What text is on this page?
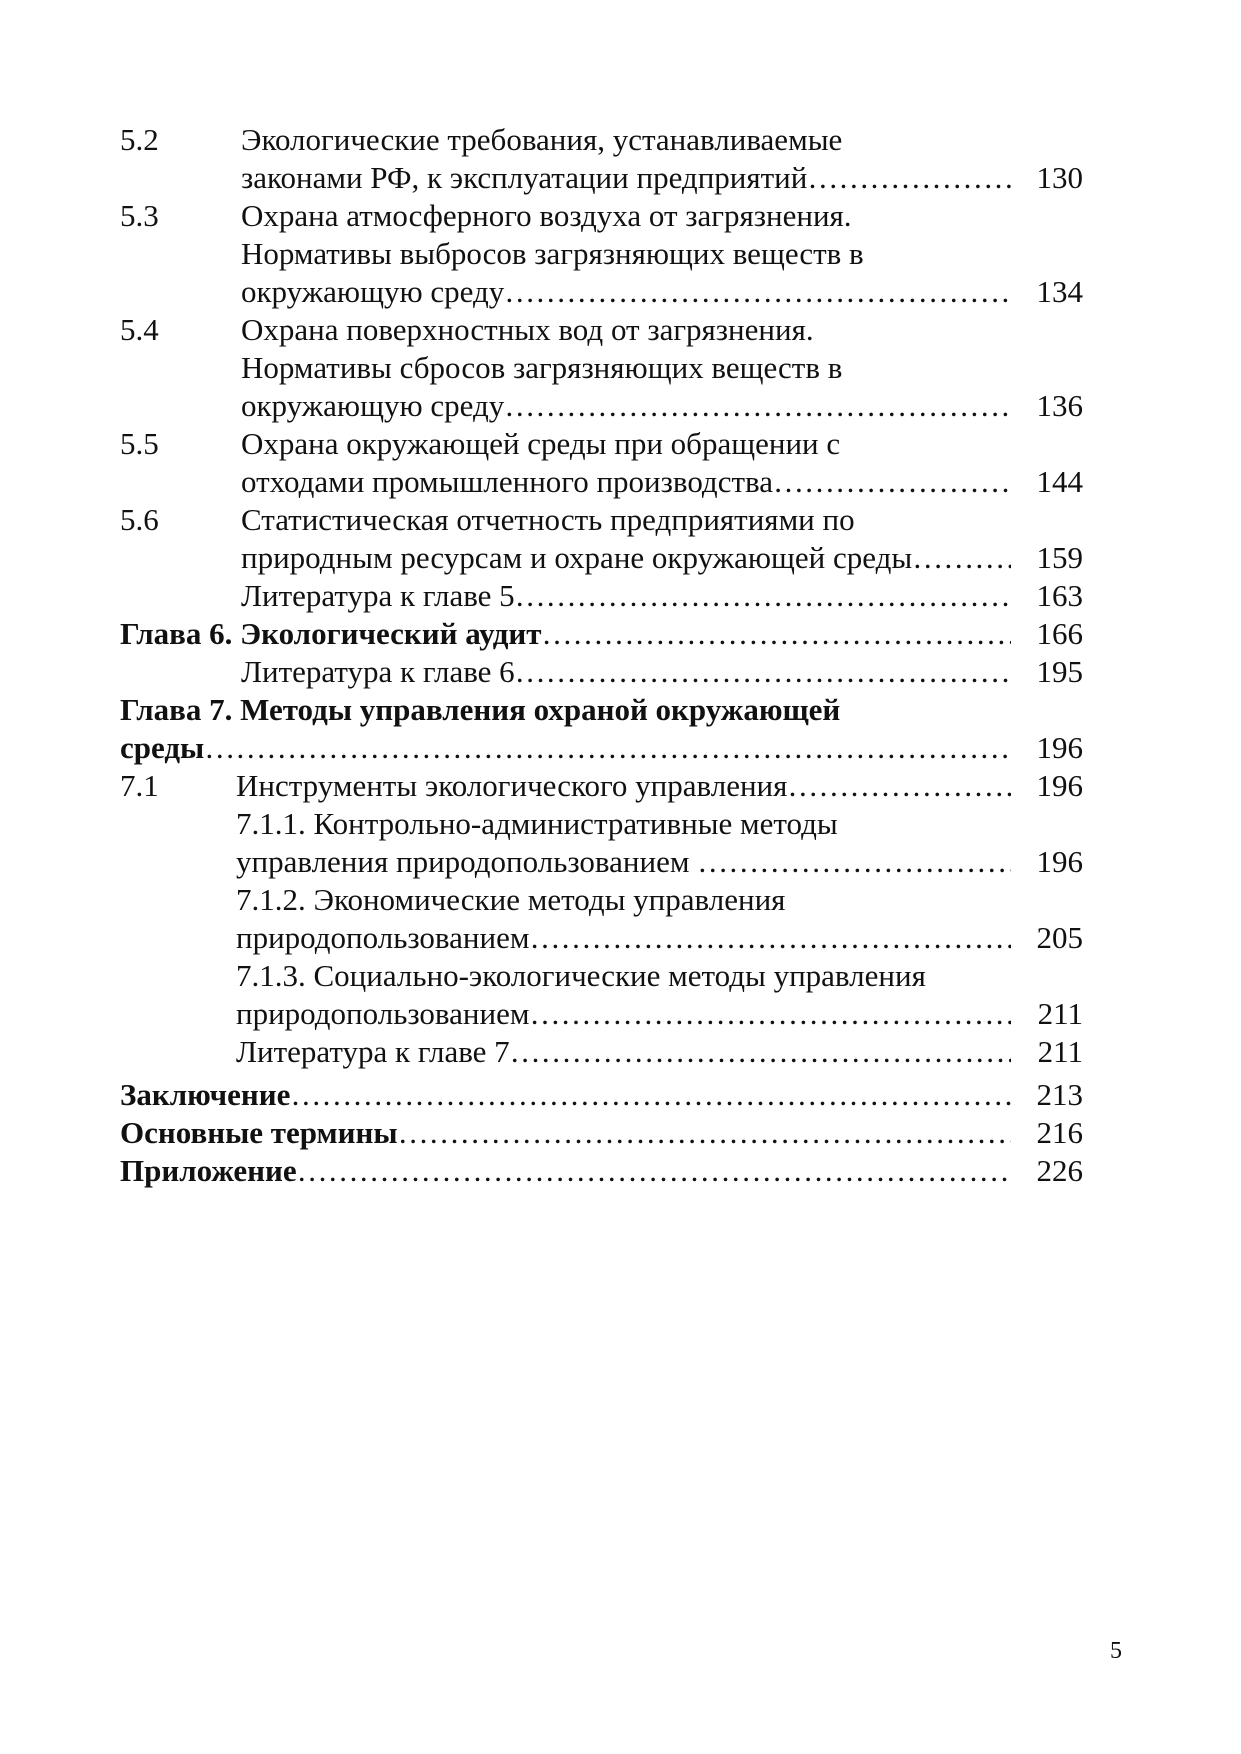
5.2	Экологические требования, устанавливаемые
законами РФ, к эксплуатации предприятий …………………………………………………………………………………………………………………………………………………………………………………………………………………………………	130
5.3	Охрана атмосферного воздуха от загрязнения.
Нормативы выбросов загрязняющих веществ в
окружающую среду …………………………………………………………………………………………………………………………………………………………………………………………………………………………………	134
5.4	Охрана поверхностных вод от загрязнения.
Нормативы сбросов загрязняющих веществ в
окружающую среду …………………………………………………………………………………………………………………………………………………………………………………………………………………………………	136
5.5	Охрана окружающей среды при обращении с
отходами промышленного производства …………………………………………………………………………………………………………………………………………………………………………………………………………………………………	144
5.6	Статистическая отчетность предприятиями по
природным ресурсам и охране окружающей среды …………………………………………………………………………………………………………………………………………………………………………………………………………………………………	159
Литература к главе 5 …………………………………………………………………………………………………………………………………………………………………………………………………………………………………	163
Глава 6. Экологический аудит …………………………………………………………………………………………………………………………………………………………………………………………………………………………………	166
Литература к главе 6 …………………………………………………………………………………………………………………………………………………………………………………………………………………………………	195
Глава 7. Методы управления охраной окружающей
среды …………………………………………………………………………………………………………………………………………………………………………………………………………………………………	196
7.1 Инструменты экологического управления …………………………………………………………………………………………………………………………………………………………………………………………………………………………………	196
7.1.1. Контрольно-административные методы
управления природопользованием …………………………………………………………………………………………………………………………………………………………………………………………………………………………………	196
7.1.2. Экономические методы управления
природопользованием …………………………………………………………………………………………………………………………………………………………………………………………………………………………………	205
7.1.3. Социально-экологические методы управления
природопользованием …………………………………………………………………………………………………………………………………………………………………………………………………………………………………	211
Литература к главе 7 …………………………………………………………………………………………………………………………………………………………………………………………………………………………………	211
Заключение …………………………………………………………………………………………………………………………………………………………………………………………………………………………………	213
Основные термины …………………………………………………………………………………………………………………………………………………………………………………………………………………………………	216
Приложение …………………………………………………………………………………………………………………………………………………………………………………………………………………………………	226
5
